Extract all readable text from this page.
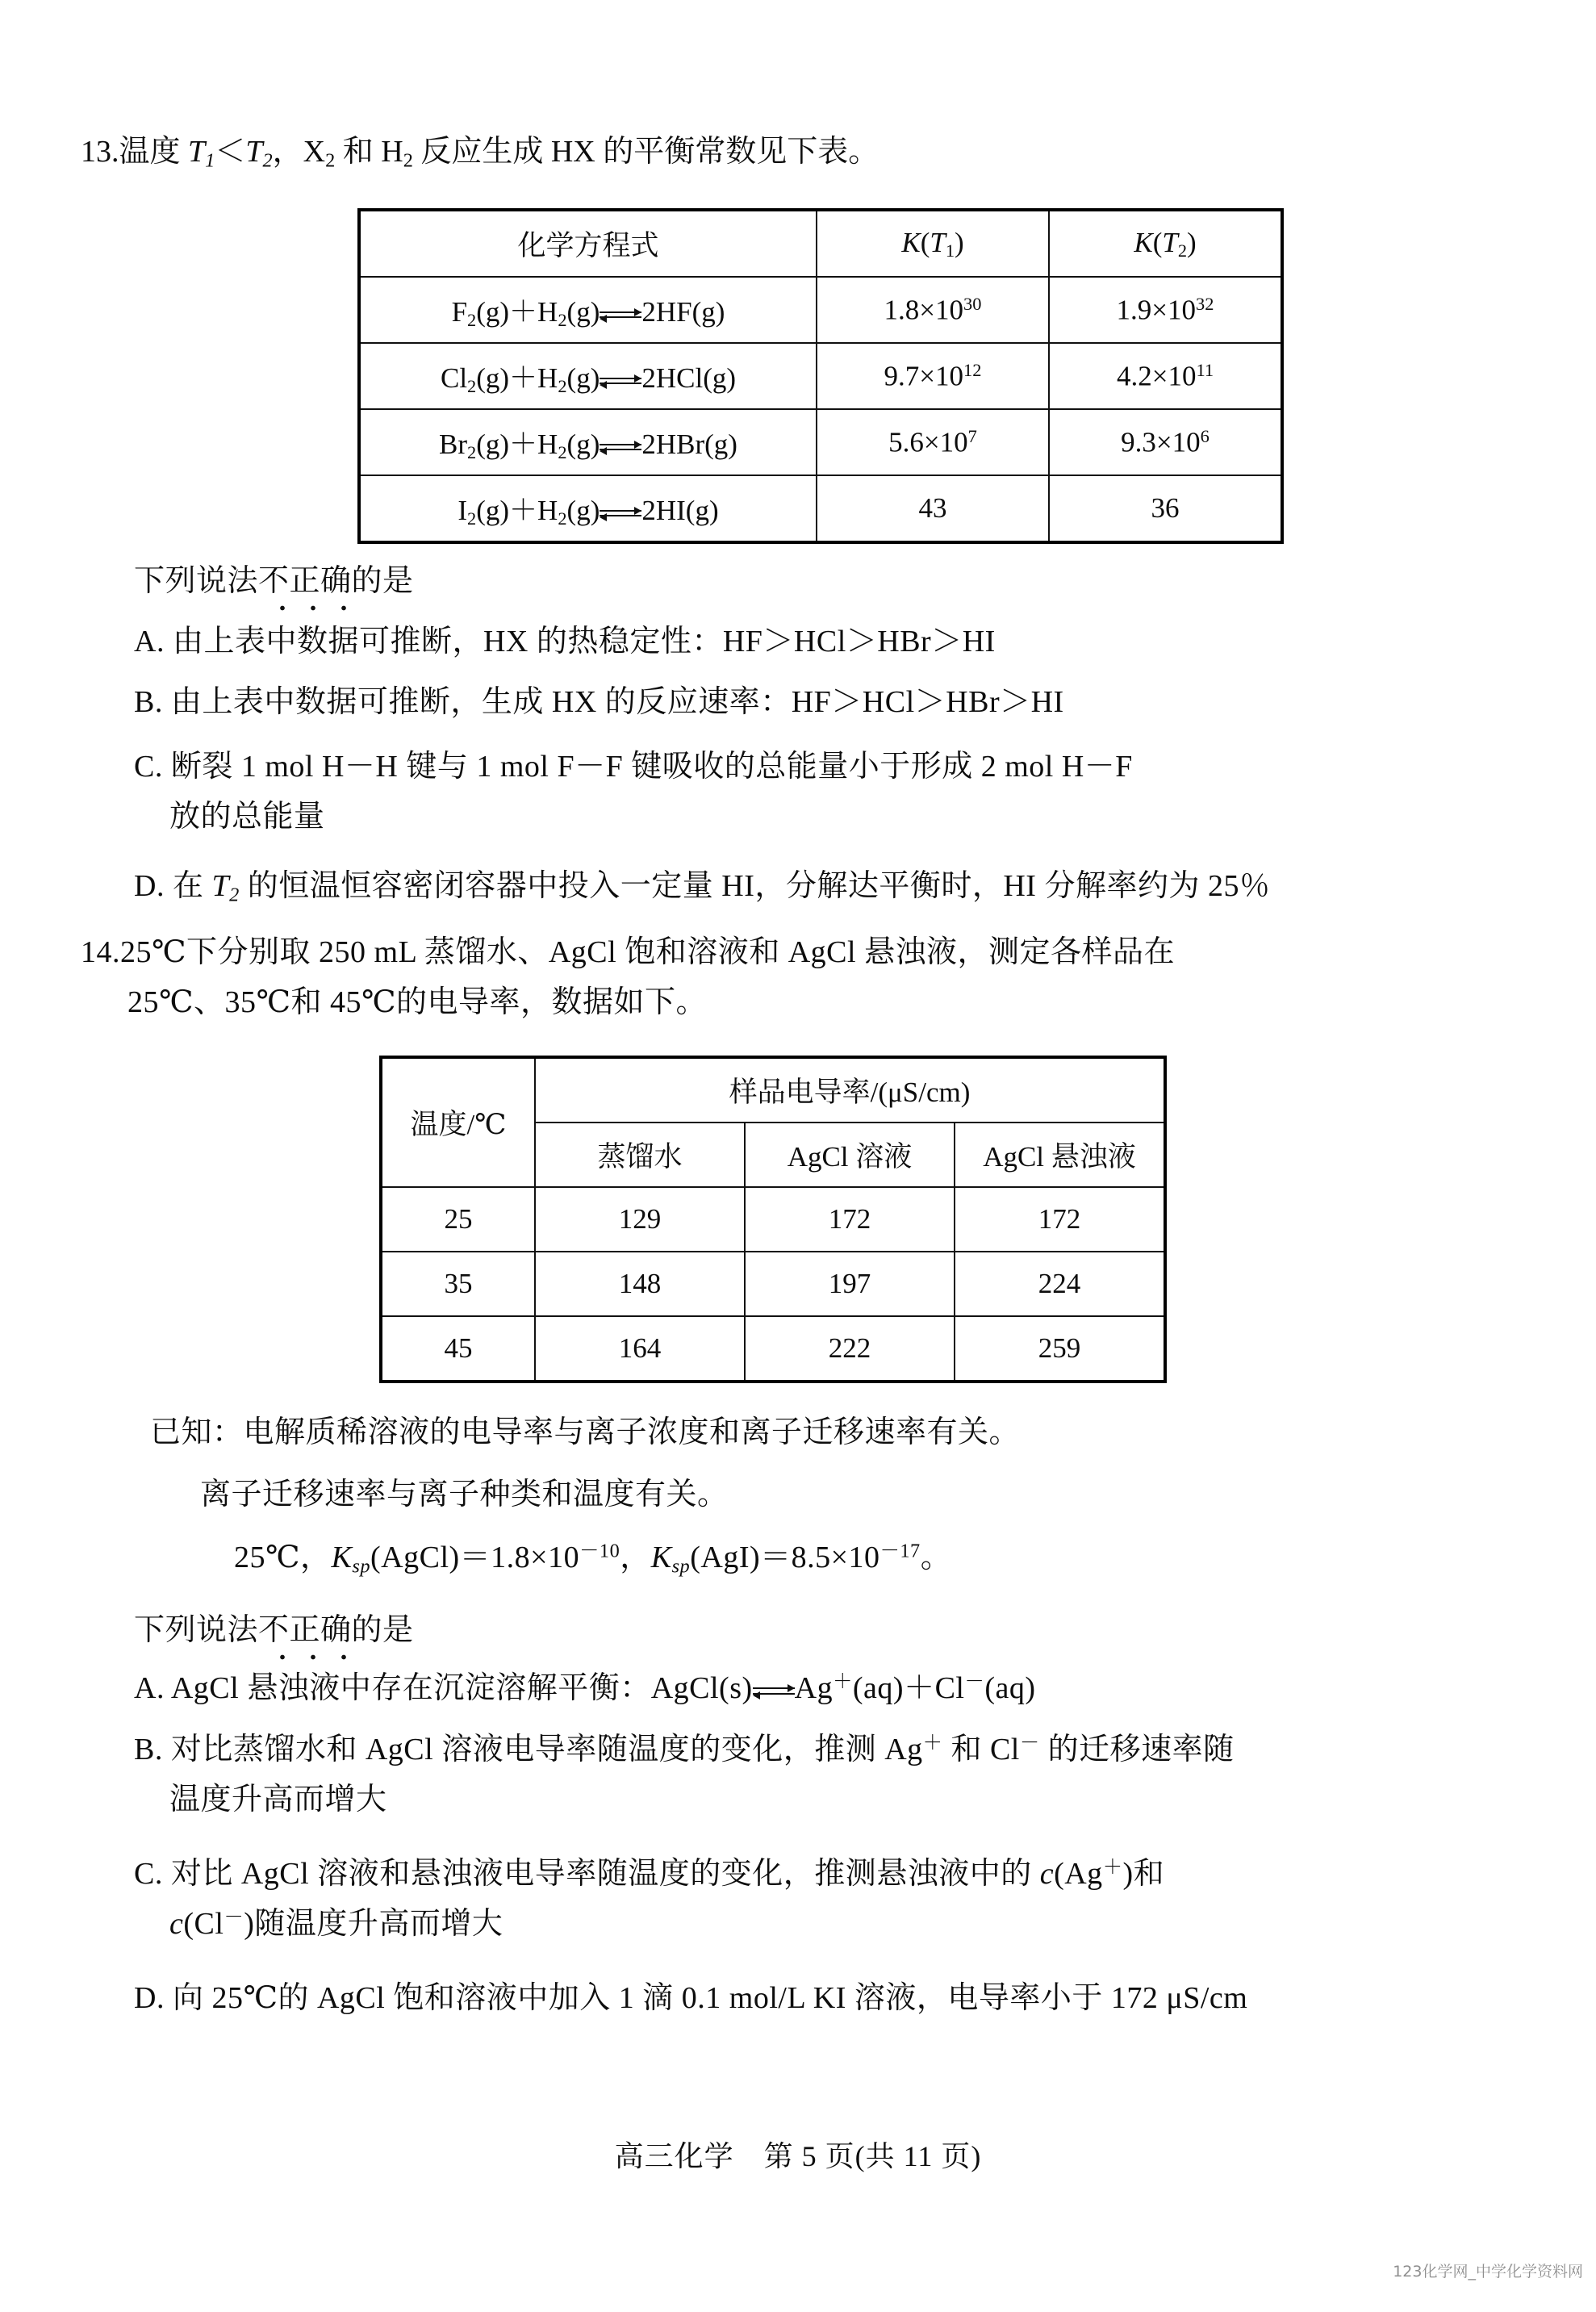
13.温度 $T_1<T_2$，$X_2$ 和 $H_2$ 反应生成 HX 的平衡常数见下表。
化学方程式	$K(T_1)$	$K(T_2)$
$F_2(g)+H_2(g)$ 2HF(g)	$1.8\times 10^{30}$	$1.9\times 10^{32}$
$Cl_2(g)+H_2(g)$ 2HCl(g)	$9.7\times 10^{12}$	$4.2\times 10^{11}$
$Br_2(g)+H_2(g)$ 2HBr(g)	$5.6\times 10^7$	$9.3\times 10^6$
$I_2(g)+H_2(g)$ 2HI(g)	43	36
下列说法不正确的是
A. 由上表中数据可推断，HX 的热稳定性：HF＞HCl＞HBr＞HI
B. 由上表中数据可推断，生成 HX 的反应速率：HF＞HCl＞HBr＞HI
C. 断裂 1 mol H－H 键与 1 mol F－F 键吸收的总能量小于形成 2 mol H－F
放的总能量
D. 在 $T_2$ 的恒温恒容密闭容器中投入一定量 HI，分解达平衡时，HI 分解率约为 25％
14.25℃下分别取 250 mL 蒸馏水、AgCl 饱和溶液和 AgCl 悬浊液，测定各样品在
25℃、35℃和 45℃的电导率，数据如下。
温度/℃	样品电导率/(μS/cm)		
	蒸馏水	AgCl 溶液	AgCl 悬浊液
25	129	172	172
35	148	197	224
45	164	222	259
已知：电解质稀溶液的电导率与离子浓度和离子迁移速率有关。
离子迁移速率与离子种类和温度有关。
25℃，$K_{sp}(AgCl)=1.8\times 10^{-10}$，$K_{sp}(AgI)=8.5\times 10^{-17}$。
下列说法不正确的是
A. AgCl 悬浊液中存在沉淀溶解平衡：AgCl(s) Ag＋(aq)＋Cl－(aq)
B. 对比蒸馏水和 AgCl 溶液电导率随温度的变化，推测 Ag＋ 和 Cl－ 的迁移速率随
温度升高而增大
C. 对比 AgCl 溶液和悬浊液电导率随温度的变化，推测悬浊液中的 c(Ag＋)和
c(Cl－)随温度升高而增大
D. 向 25℃的 AgCl 饱和溶液中加入 1 滴 0.1 mol/L KI 溶液，电导率小于 172 μS/cm
高三化学　第 5 页(共 11 页)
123化学网_中学化学资料网
